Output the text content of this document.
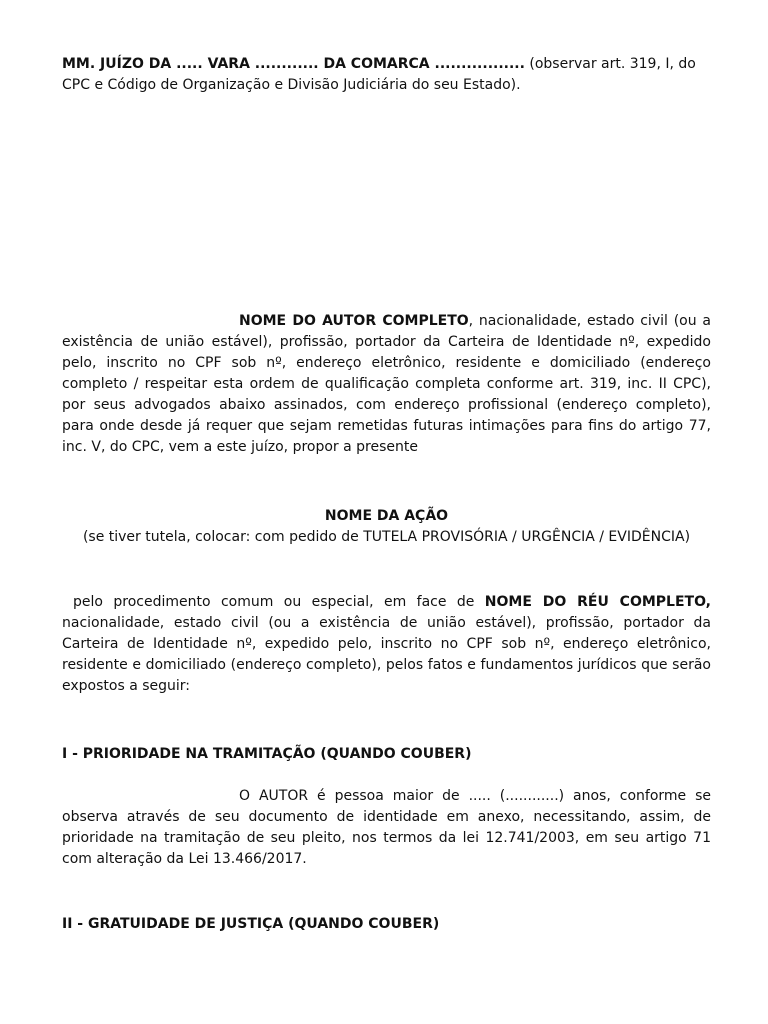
MM. JUÍZO DA ..... VARA ............ DA COMARCA ................. (observar art. 319, I, do CPC e Código de Organização e Divisão Judiciária do seu Estado).

NOME DO AUTOR COMPLETO, nacionalidade, estado civil (ou a existência de união estável), profissão, portador da Carteira de Identidade nº, expedido pelo, inscrito no CPF sob nº, endereço eletrônico, residente e domiciliado (endereço completo / respeitar esta ordem de qualificação completa conforme art. 319, inc. II CPC), por seus advogados abaixo assinados, com endereço profissional (endereço completo), para onde desde já requer que sejam remetidas futuras intimações para fins do artigo 77, inc. V, do CPC, vem a este juízo, propor a presente

NOME DA AÇÃO

(se tiver tutela, colocar: com pedido de TUTELA PROVISÓRIA / URGÊNCIA / EVIDÊNCIA)

pelo procedimento comum ou especial, em face de NOME DO RÉU COMPLETO, nacionalidade, estado civil (ou a existência de união estável), profissão, portador da Carteira de Identidade nº, expedido pelo, inscrito no CPF sob nº, endereço eletrônico, residente e domiciliado (endereço completo), pelos fatos e fundamentos jurídicos que serão expostos a seguir:

I - PRIORIDADE NA TRAMITAÇÃO (QUANDO COUBER)

O AUTOR é pessoa maior de ..... (............) anos, conforme se observa através de seu documento de identidade em anexo, necessitando, assim, de prioridade na tramitação de seu pleito, nos termos da lei 12.741/2003, em seu artigo 71 com alteração da Lei 13.466/2017.

II - GRATUIDADE DE JUSTIÇA (QUANDO COUBER)
